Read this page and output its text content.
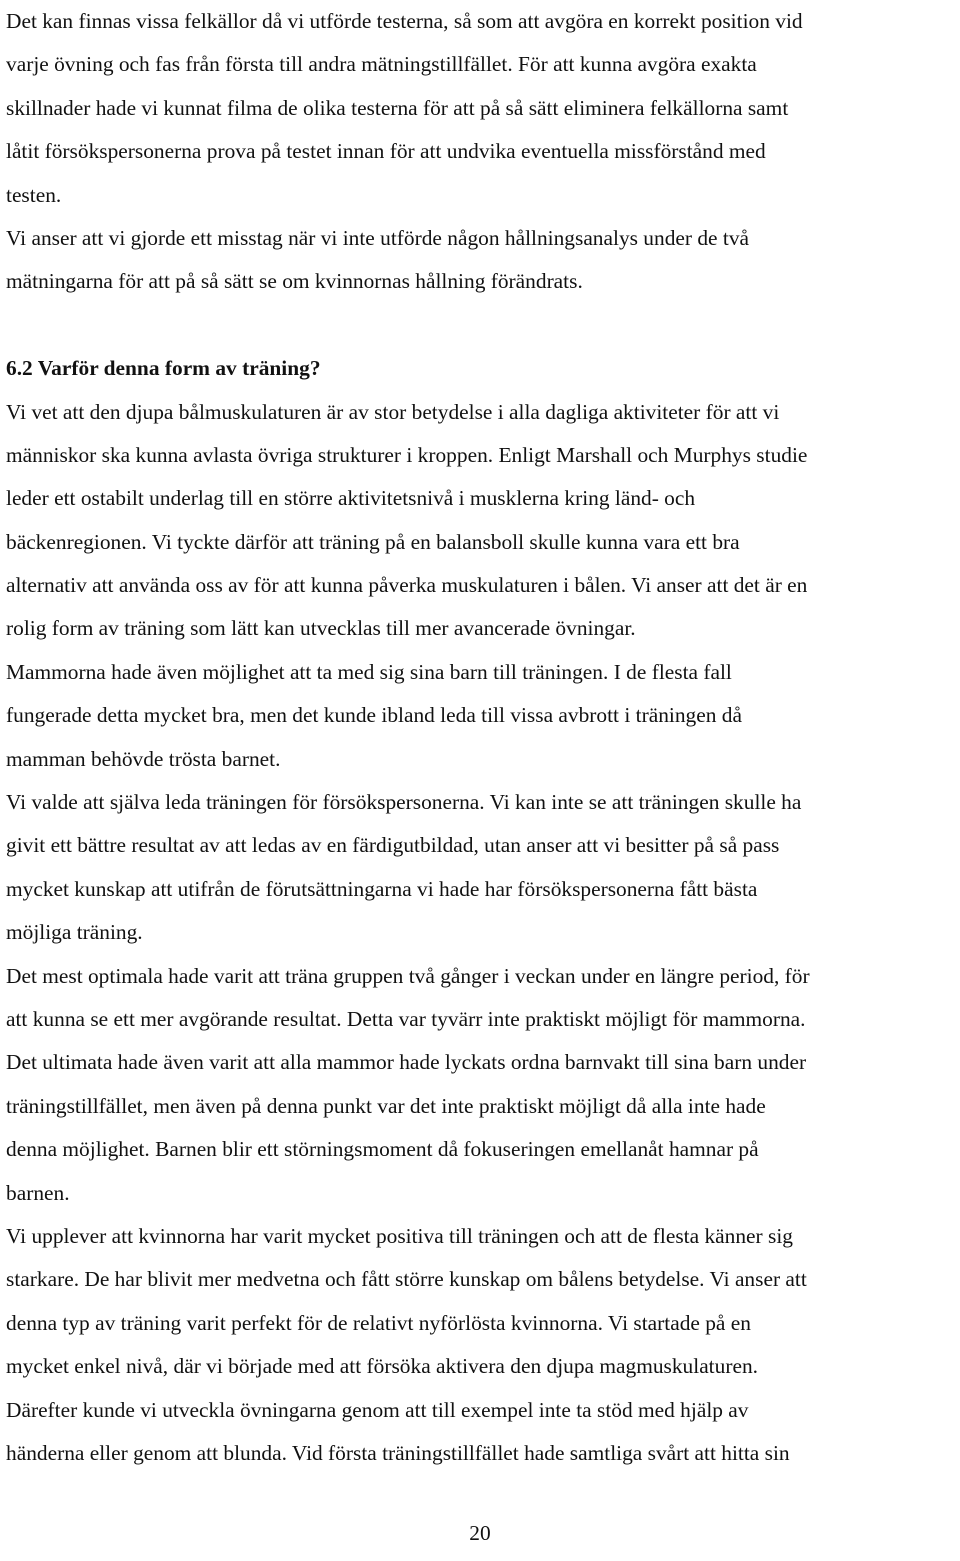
Det kan finnas vissa felkällor då vi utförde testerna, så som att avgöra en korrekt position vid
varje övning och fas från första till andra mätningstillfället. För att kunna avgöra exakta
skillnader hade vi kunnat filma de olika testerna för att på så sätt eliminera felkällorna samt
låtit försökspersonerna prova på testet innan för att undvika eventuella missförstånd med
testen.
Vi anser att vi gjorde ett misstag när vi inte utförde någon hållningsanalys under de två
mätningarna för att på så sätt se om kvinnornas hållning förändrats.
6.2 Varför denna form av träning?
Vi vet att den djupa bålmuskulaturen är av stor betydelse i alla dagliga aktiviteter för att vi
människor ska kunna avlasta övriga strukturer i kroppen. Enligt Marshall och Murphys studie
leder ett ostabilt underlag till en större aktivitetsnivå i musklerna kring länd- och
bäckenregionen. Vi tyckte därför att träning på en balansboll skulle kunna vara ett bra
alternativ att använda oss av för att kunna påverka muskulaturen i bålen. Vi anser att det är en
rolig form av träning som lätt kan utvecklas till mer avancerade övningar.
Mammorna hade även möjlighet att ta med sig sina barn till träningen. I de flesta fall
fungerade detta mycket bra, men det kunde ibland leda till vissa avbrott i träningen då
mamman behövde trösta barnet.
Vi valde att själva leda träningen för försökspersonerna. Vi kan inte se att träningen skulle ha
givit ett bättre resultat av att ledas av en färdigutbildad, utan anser att vi besitter på så pass
mycket kunskap att utifrån de förutsättningarna vi hade har försökspersonerna fått bästa
möjliga träning.
Det mest optimala hade varit att träna gruppen två gånger i veckan under en längre period, för
att kunna se ett mer avgörande resultat. Detta var tyvärr inte praktiskt möjligt för mammorna.
Det ultimata hade även varit att alla mammor hade lyckats ordna barnvakt till sina barn under
träningstillfället, men även på denna punkt var det inte praktiskt möjligt då alla inte hade
denna möjlighet. Barnen blir ett störningsmoment då fokuseringen emellanåt hamnar på
barnen.
Vi upplever att kvinnorna har varit mycket positiva till träningen och att de flesta känner sig
starkare. De har blivit mer medvetna och fått större kunskap om bålens betydelse. Vi anser att
denna typ av träning varit perfekt för de relativt nyförlösta kvinnorna. Vi startade på en
mycket enkel nivå, där vi började med att försöka aktivera den djupa magmuskulaturen.
Därefter kunde vi utveckla övningarna genom att till exempel inte ta stöd med hjälp av
händerna eller genom att blunda. Vid första träningstillfället hade samtliga svårt att hitta sin
20
